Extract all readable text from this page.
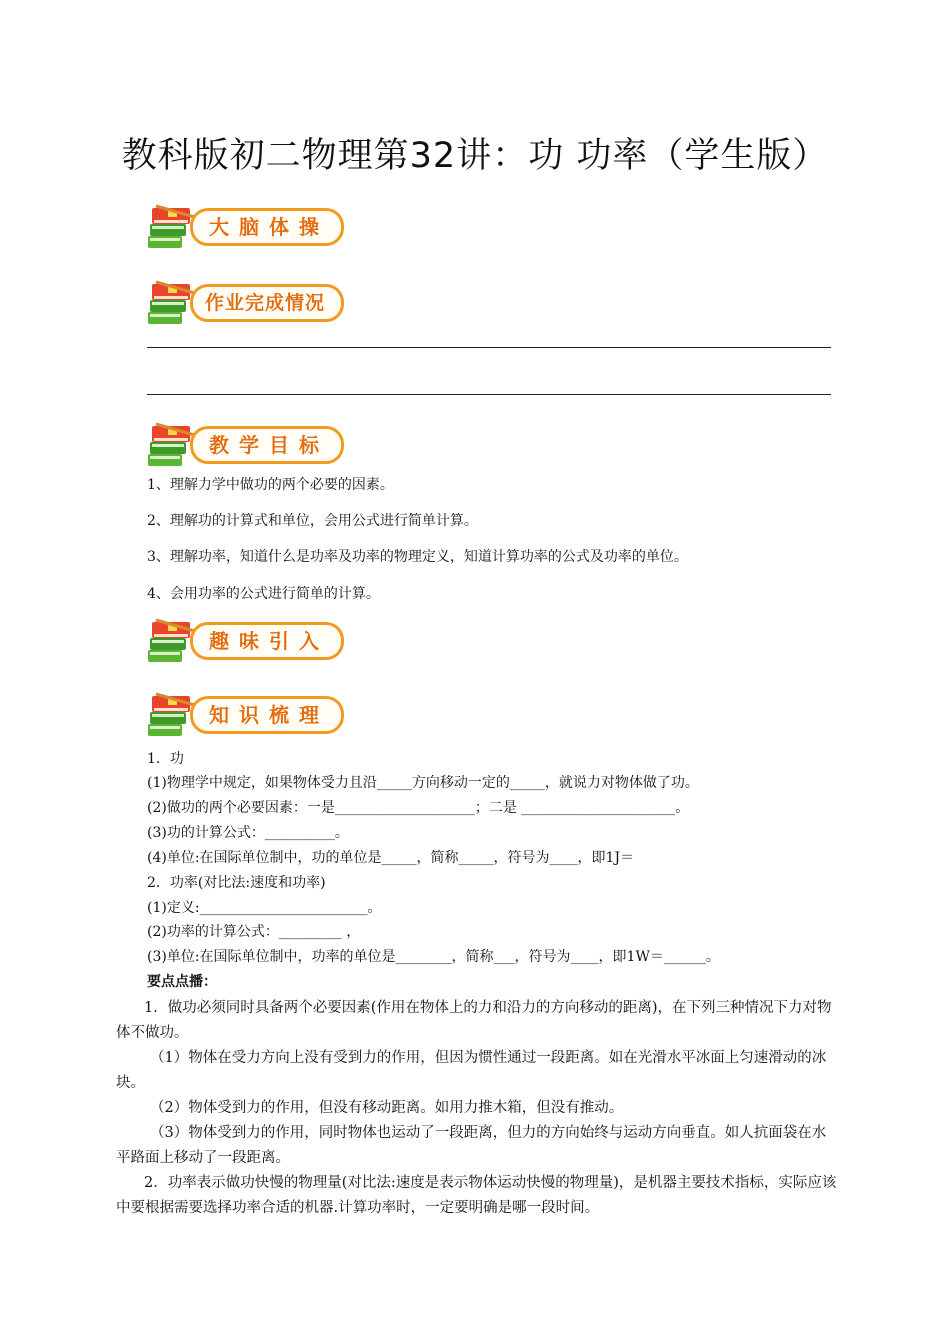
教科版初二物理第32讲：功 功率（学生版）
大脑体操
作业完成情况
教学目标
1、理解力学中做功的两个必要的因素。
2、理解功的计算式和单位，会用公式进行简单计算。
3、理解功率，知道什么是功率及功率的物理定义，知道计算功率的公式及功率的单位。
4、会用功率的公式进行简单的计算。
趣味引入
知识梳理
1．功
(1)物理学中规定，如果物体受力且沿_____方向移动一定的_____，就说力对物体做了功。
(2)做功的两个必要因素：一是____________________；二是 ______________________。
(3)功的计算公式：__________。
(4)单位:在国际单位制中，功的单位是_____，简称_____，符号为____，即1J＝
2．功率(对比法:速度和功率)
(1)定义:________________________。
(2)功率的计算公式：_________ ，
(3)单位:在国际单位制中，功率的单位是________，简称___，符号为____，即1W＝______。
要点点播：
1．做功必须同时具备两个必要因素(作用在物体上的力和沿力的方向移动的距离)，在下列三种情况下力对物体不做功。
（1）物体在受力方向上没有受到力的作用，但因为惯性通过一段距离。如在光滑水平冰面上匀速滑动的冰块。
（2）物体受到力的作用，但没有移动距离。如用力推木箱，但没有推动。
（3）物体受到力的作用，同时物体也运动了一段距离，但力的方向始终与运动方向垂直。如人抗面袋在水平路面上移动了一段距离。
2．功率表示做功快慢的物理量(对比法:速度是表示物体运动快慢的物理量)，是机器主要技术指标，实际应该中要根据需要选择功率合适的机器.计算功率时，一定要明确是哪一段时间。
